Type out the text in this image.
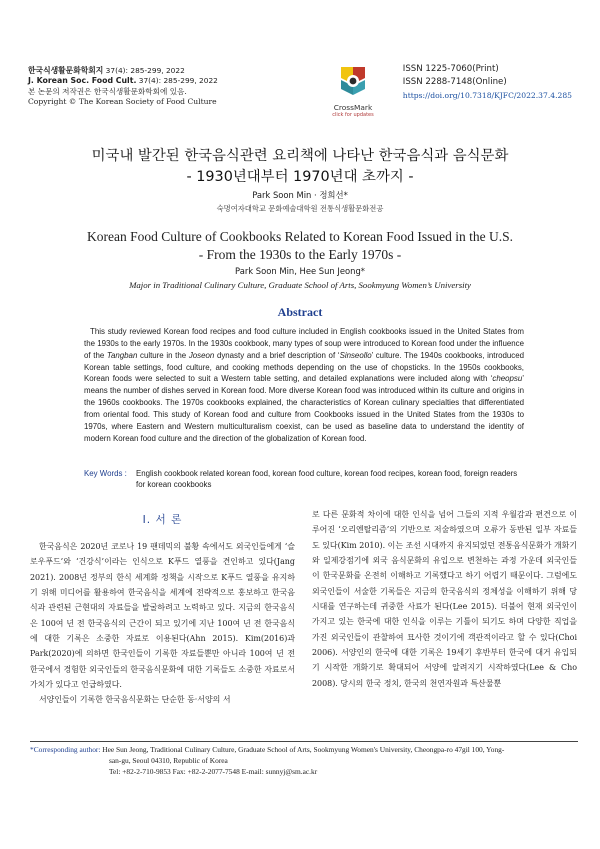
한국식생활문화학회지 37(4): 285-299, 2022
J. Korean Soc. Food Cult. 37(4): 285-299, 2022
본 논문의 저작권은 한국식생활문화학회에 있음.
Copyright © The Korean Society of Food Culture
CrossMark
click for updates
ISSN 1225-7060(Print)
ISSN 2288-7148(Online)
https://doi.org/10.7318/KJFC/2022.37.4.285
미국내 발간된 한국음식관련 요리책에 나타난 한국음식과 음식문화
- 1930년대부터 1970년대 초까지 -
Park Soon Min · 정희선*
숙명여자대학교 문화예술대학원 전통식생활문화전공
Korean Food Culture of Cookbooks Related to Korean Food Issued in the U.S.
- From the 1930s to the Early 1970s -
Park Soon Min, Hee Sun Jeong*
Major in Traditional Culinary Culture, Graduate School of Arts, Sookmyung Women’s University
Abstract
This study reviewed Korean food recipes and food culture included in English cookbooks issued in the United States from the 1930s to the early 1970s. In the 1930s cookbook, many types of soup were introduced to Korean food under the influence of the Tangban culture in the Joseon dynasty and a brief description of ‘Sinseollo’ culture. The 1940s cookbooks, introduced Korean table settings, food culture, and cooking methods depending on the use of chopsticks. In the 1950s cookbooks, Korean foods were selected to suit a Western table setting, and detailed explanations were included along with ‘cheopsu’ means the number of dishes served in Korean food. More diverse Korean food was introduced within its culture and origins in the 1960s cookbooks. The 1970s cookbooks explained, the characteristics of Korean culinary specialties that differentiated from oriental food. This study of Korean food and culture from Cookbooks issued in the United States from the 1930s to 1970s, where Eastern and Western multiculturalism coexist, can be used as baseline data to understand the identity of modern Korean food culture and the direction of the globalization of Korean food.
Key Words :	English cookbook related korean food, korean food culture, korean food recipes, korean food, foreign readers for korean cookbooks
Ⅰ. 서 론

한국음식은 2020년 코로나 19 팬데믹의 불황 속에서도 외국인들에게 ‘슬로우푸드’와 ‘건강식’이라는 인식으로 K푸드 열풍을 견인하고 있다(Jang 2021). 2008년 정부의 한식 세계화 정책을 시작으로 K푸드 열풍을 유지하기 위해 미디어를 활용하여 한국음식을 세계에 전략적으로 홍보하고 한국음식과 관련된 근현대의 자료들을 발굴하려고 노력하고 있다. 지금의 한국음식은 100여 년 전 한국음식의 근간이 되고 있기에 지난 100여 년 전 한국음식에 대한 기록은 소중한 자료로 이용된다(Ahn 2015). Kim(2016)과 Park(2020)에 의하면 한국인들이 기록한 자료들뿐만 아니라 100여 년 전 한국에서 경험한 외국인들의 한국음식문화에 대한 기록들도 소중한 자료로서 가치가 있다고 언급하였다.

서양인들이 기록한 한국음식문화는 단순한 동·서양의 서

로 다른 문화적 차이에 대한 인식을 넘어 그들의 지적 우월감과 편견으로 이루어진 ‘오리엔탈리즘’의 기반으로 저술하였으며 오류가 동반된 일부 자료들도 있다(Kim 2010). 이는 조선 시대까지 유지되었던 전통음식문화가 개화기와 일제강점기에 외국 음식문화의 유입으로 변천하는 과정 가운데 외국인들이 한국문화를 온전히 이해하고 기록했다고 하기 어렵기 때문이다. 그럼에도 외국인들이 서술한 기록들은 지금의 한국음식의 정체성을 이해하기 위해 당 시대를 연구하는데 귀중한 사료가 된다(Lee 2015). 더불어 현재 외국인이 가지고 있는 한국에 대한 인식을 이루는 기틀이 되기도 하며 다양한 직업을 가진 외국인들이 관찰하여 묘사한 것이기에 객관적이라고 할 수 있다(Choi 2006). 서양인의 한국에 대한 기록은 19세기 후반부터 한국에 대거 유입되기 시작한 개화기로 확대되어 서양에 알려지기 시작하였다(Lee & Cho 2008). 당시의 한국 정치, 한국의 천연자원과 특산물뿐

*Corresponding author: Hee Sun Jeong, Traditional Culinary Culture, Graduate School of Arts, Sookmyung Women's University, Cheongpa-ro 47gil 100, Yong-
san-gu, Seoul 04310, Republic of Korea
Tel: +82-2-710-9853 Fax: +82-2-2077-7548 E-mail: sunnyj@sm.ac.kr
